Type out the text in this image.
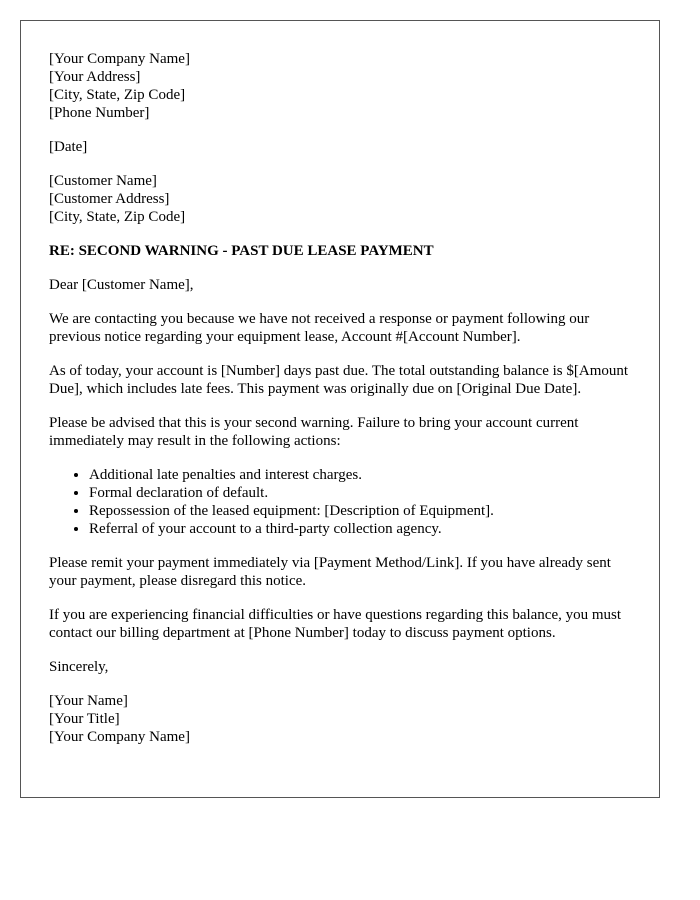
[Your Company Name]
[Your Address]
[City, State, Zip Code]
[Phone Number]
[Date]
[Customer Name]
[Customer Address]
[City, State, Zip Code]
RE: SECOND WARNING - PAST DUE LEASE PAYMENT

Dear [Customer Name],

We are contacting you because we have not received a response or payment following our previous notice regarding your equipment lease, Account #[Account Number].

As of today, your account is [Number] days past due. The total outstanding balance is $[Amount Due], which includes late fees. This payment was originally due on [Original Due Date].

Please be advised that this is your second warning. Failure to bring your account current immediately may result in the following actions:

• Additional late penalties and interest charges.
• Formal declaration of default.
• Repossession of the leased equipment: [Description of Equipment].
• Referral of your account to a third-party collection agency.

Please remit your payment immediately via [Payment Method/Link]. If you have already sent your payment, please disregard this notice.

If you are experiencing financial difficulties or have questions regarding this balance, you must contact our billing department at [Phone Number] today to discuss payment options.

Sincerely,
[Your Name]
[Your Title]
[Your Company Name]
